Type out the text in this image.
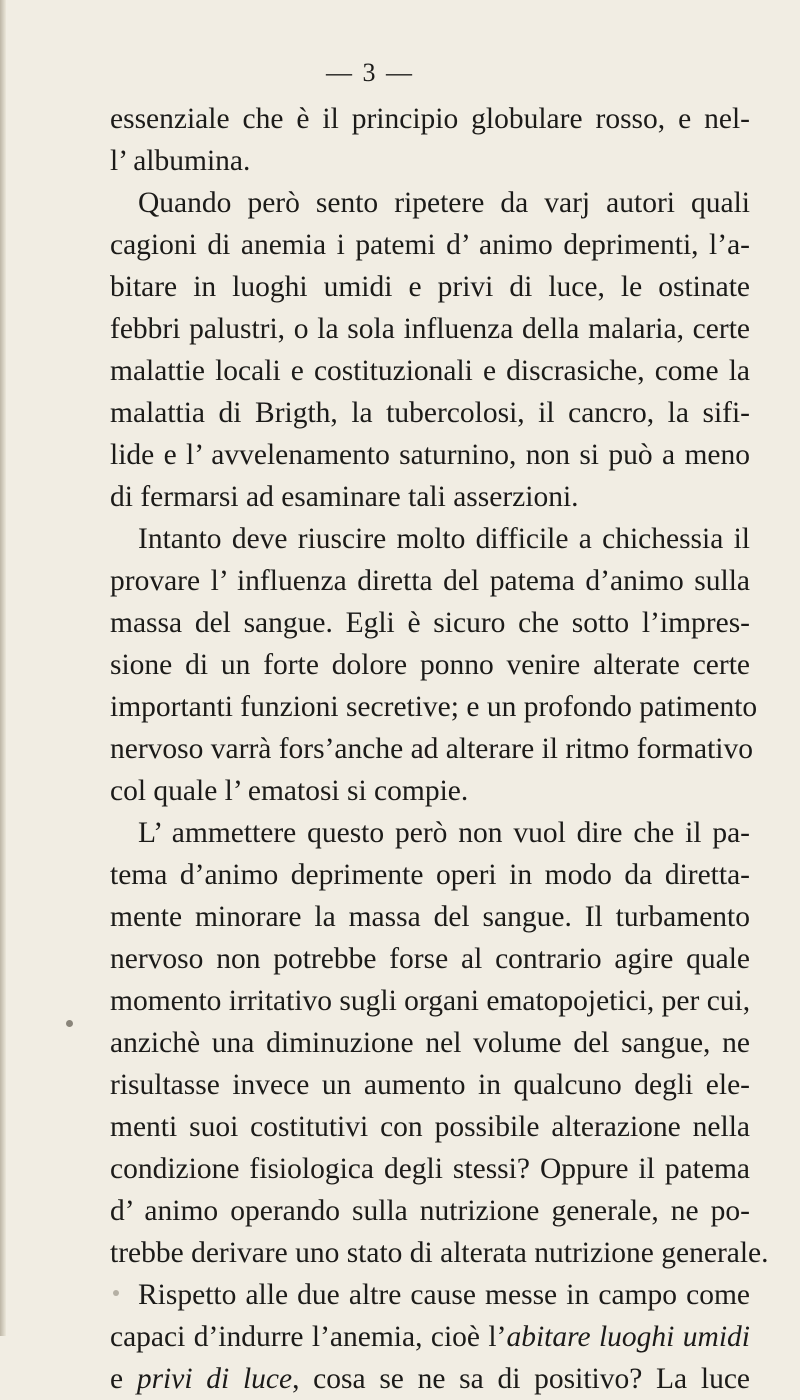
— 3 —
essenziale che è il principio globulare rosso, e nel-
l’ albumina.
Quando però sento ripetere da varj autori quali
cagioni di anemia i patemi d’ animo deprimenti, l’a-
bitare in luoghi umidi e privi di luce, le ostinate
febbri palustri, o la sola influenza della malaria, certe
malattie locali e costituzionali e discrasiche, come la
malattia di Brigth, la tubercolosi, il cancro, la sifi-
lide e l’ avvelenamento saturnino, non si può a meno
di fermarsi ad esaminare tali asserzioni.
Intanto deve riuscire molto difficile a chichessia il
provare l’ influenza diretta del patema d’animo sulla
massa del sangue. Egli è sicuro che sotto l’impres-
sione di un forte dolore ponno venire alterate certe
importanti funzioni secretive; e un profondo patimento
nervoso varrà fors’anche ad alterare il ritmo formativo
col quale l’ ematosi si compie.
L’ ammettere questo però non vuol dire che il pa-
tema d’animo deprimente operi in modo da diretta-
mente minorare la massa del sangue. Il turbamento
nervoso non potrebbe forse al contrario agire quale
momento irritativo sugli organi ematopojetici, per cui,
anzichè una diminuzione nel volume del sangue, ne
risultasse invece un aumento in qualcuno degli ele-
menti suoi costitutivi con possibile alterazione nella
condizione fisiologica degli stessi? Oppure il patema
d’ animo operando sulla nutrizione generale, ne po-
trebbe derivare uno stato di alterata nutrizione generale.
Rispetto alle due altre cause messe in campo come
capaci d’indurre l’anemia, cioè l’abitare luoghi umidi
e privi di luce, cosa se ne sa di positivo? La luce
